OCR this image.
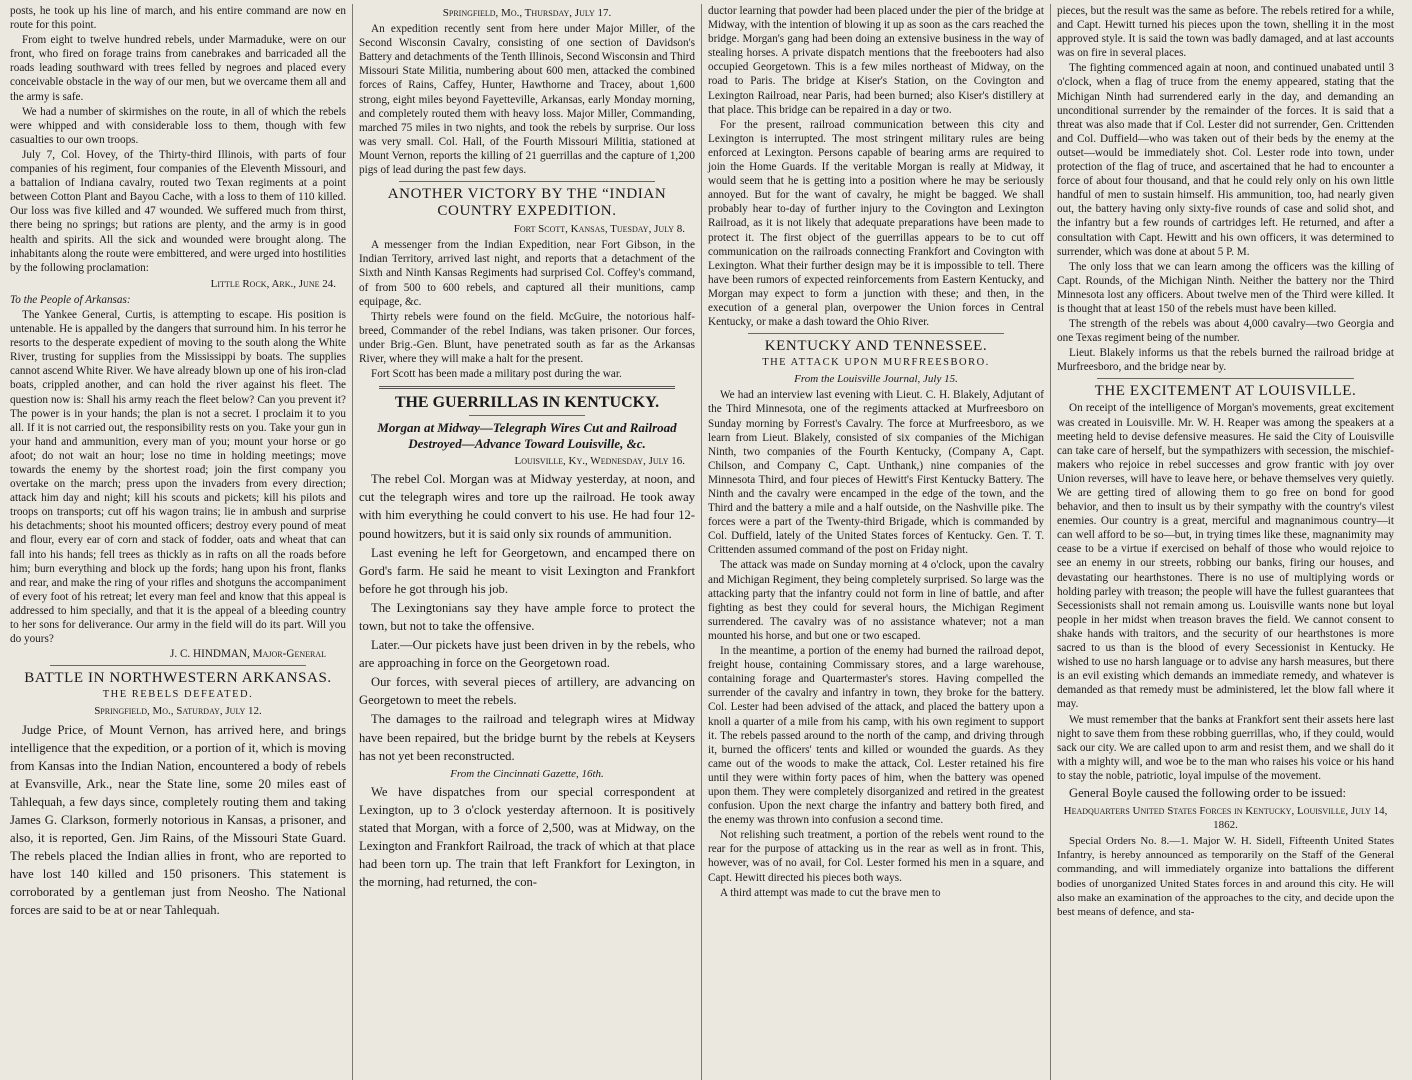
posts, he took up his line of march, and his entire command are now en route for this point.

From eight to twelve hundred rebels, under Marmaduke, were on our front, who fired on forage trains from canebrakes and barricaded all the roads leading southward with trees felled by negroes and placed every conceivable obstacle in the way of our men, but we overcame them all and the army is safe.

We had a number of skirmishes on the route, in all of which the rebels were whipped and with considerable loss to them, though with few casualties to our own troops.

July 7, Col. Hovey, of the Thirty-third Illinois, with parts of four companies of his regiment, four companies of the Eleventh Missouri, and a battalion of Indiana cavalry, routed two Texan regiments at a point between Cotton Plant and Bayou Cache, with a loss to them of 110 killed. Our loss was five killed and 47 wounded. We suffered much from thirst, there being no springs; but rations are plenty, and the army is in good health and spirits. All the sick and wounded were brought along. The inhabitants along the route were embittered, and were urged into hostilities by the following proclamation:

Little Rock, Ark., June 24.

To the People of Arkansas:

The Yankee General, Curtis, is attempting to escape. His position is untenable. He is appalled by the dangers that surround him. In his terror he resorts to the desperate expedient of moving to the south along the White River, trusting for supplies from the Mississippi by boats. The supplies cannot ascend White River. We have already blown up one of his iron-clad boats, crippled another, and can hold the river against his fleet. The question now is: Shall his army reach the fleet below? Can you prevent it? The power is in your hands; the plan is not a secret. I proclaim it to you all. If it is not carried out, the responsibility rests on you. Take your gun in your hand and ammunition, every man of you; mount your horse or go afoot; do not wait an hour; lose no time in holding meetings; move towards the enemy by the shortest road; join the first company you overtake on the march; press upon the invaders from every direction; attack him day and night; kill his scouts and pickets; kill his pilots and troops on transports; cut off his wagon trains; lie in ambush and surprise his detachments; shoot his mounted officers; destroy every pound of meat and flour, every ear of corn and stack of fodder, oats and wheat that can fall into his hands; fell trees as thickly as in rafts on all the roads before him; burn everything and block up the fords; hang upon his front, flanks and rear, and make the ring of your rifles and shotguns the accompaniment of every foot of his retreat; let every man feel and know that this appeal is addressed to him specially, and that it is the appeal of a bleeding country to her sons for deliverance. Our army in the field will do its part. Will you do yours?

J. C. HINDMAN, Major-General

BATTLE IN NORTHWESTERN ARKANSAS.
THE REBELS DEFEATED.
Springfield, Mo., Saturday, July 12.

Judge Price, of Mount Vernon, has arrived here, and brings intelligence that the expedition, or a portion of it, which is moving from Kansas into the Indian Nation, encountered a body of rebels at Evansville, Ark., near the State line, some 20 miles east of Tahlequah, a few days since, completely routing them and taking James G. Clarkson, formerly notorious in Kansas, a prisoner, and also, it is reported, Gen. Jim Rains, of the Missouri State Guard. The rebels placed the Indian allies in front, who are reported to have lost 140 killed and 150 prisoners. This statement is corroborated by a gentleman just from Neosho. The National forces are said to be at or near Tahlequah.

Springfield, Mo., Thursday, July 17.

An expedition recently sent from here under Major Miller, of the Second Wisconsin Cavalry, consisting of one section of Davidson's Battery and detachments of the Tenth Illinois, Second Wisconsin and Third Missouri State Militia, numbering about 600 men, attacked the combined forces of Rains, Caffey, Hunter, Hawthorne and Tracey, about 1,600 strong, eight miles beyond Fayetteville, Arkansas, early Monday morning, and completely routed them with heavy loss. Major Miller, Commanding, marched 75 miles in two nights, and took the rebels by surprise. Our loss was very small. Col. Hall, of the Fourth Missouri Militia, stationed at Mount Vernon, reports the killing of 21 guerrillas and the capture of 1,200 pigs of lead during the past few days.

ANOTHER VICTORY BY THE “INDIAN COUNTRY EXPEDITION.
Fort Scott, Kansas, Tuesday, July 8.

A messenger from the Indian Expedition, near Fort Gibson, in the Indian Territory, arrived last night, and reports that a detachment of the Sixth and Ninth Kansas Regiments had surprised Col. Coffey's command, of from 500 to 600 rebels, and captured all their munitions, camp equipage, &c.

Thirty rebels were found on the field. McGuire, the notorious half-breed, Commander of the rebel Indians, was taken prisoner. Our forces, under Brig.-Gen. Blunt, have penetrated south as far as the Arkansas River, where they will make a halt for the present.

Fort Scott has been made a military post during the war.

THE GUERRILLAS IN KENTUCKY.
Morgan at Midway—Telegraph Wires Cut and Railroad Destroyed—Advance Toward Louisville, &c.
Louisville, Ky., Wednesday, July 16.

The rebel Col. Morgan was at Midway yesterday, at noon, and cut the telegraph wires and tore up the railroad. He took away with him everything he could convert to his use. He had four 12-pound howitzers, but it is said only six rounds of ammunition.

Last evening he left for Georgetown, and encamped there on Gord's farm. He said he meant to visit Lexington and Frankfort before he got through his job.

The Lexingtonians say they have ample force to protect the town, but not to take the offensive.

Later.—Our pickets have just been driven in by the rebels, who are approaching in force on the Georgetown road.

Our forces, with several pieces of artillery, are advancing on Georgetown to meet the rebels.

The damages to the railroad and telegraph wires at Midway have been repaired, but the bridge burnt by the rebels at Keysers has not yet been reconstructed.

From the Cincinnati Gazette, 16th.

We have dispatches from our special correspondent at Lexington, up to 3 o'clock yesterday afternoon. It is positively stated that Morgan, with a force of 2,500, was at Midway, on the Lexington and Frankfort Railroad, the track of which at that place had been torn up. The train that left Frankfort for Lexington, in the morning, had returned, the con-

ductor learning that powder had been placed under the pier of the bridge at Midway, with the intention of blowing it up as soon as the cars reached the bridge. Morgan's gang had been doing an extensive business in the way of stealing horses. A private dispatch mentions that the freebooters had also occupied Georgetown. This is a few miles northeast of Midway, on the road to Paris. The bridge at Kiser's Station, on the Covington and Lexington Railroad, near Paris, had been burned; also Kiser's distillery at that place. This bridge can be repaired in a day or two.

For the present, railroad communication between this city and Lexington is interrupted. The most stringent military rules are being enforced at Lexington. Persons capable of bearing arms are required to join the Home Guards. If the veritable Morgan is really at Midway, it would seem that he is getting into a position where he may be seriously annoyed. But for the want of cavalry, he might be bagged. We shall probably hear to-day of further injury to the Covington and Lexington Railroad, as it is not likely that adequate preparations have been made to protect it. The first object of the guerrillas appears to be to cut off communication on the railroads connecting Frankfort and Covington with Lexington. What their further design may be it is impossible to tell. There have been rumors of expected reinforcements from Eastern Kentucky, and Morgan may expect to form a junction with these; and then, in the execution of a general plan, overpower the Union forces in Central Kentucky, or make a dash toward the Ohio River.

KENTUCKY AND TENNESSEE.
THE ATTACK UPON MURFREESBORO.
From the Louisville Journal, July 15.

We had an interview last evening with Lieut. C. H. Blakely, Adjutant of the Third Minnesota, one of the regiments attacked at Murfreesboro on Sunday morning by Forrest's Cavalry. The force at Murfreesboro, as we learn from Lieut. Blakely, consisted of six companies of the Michigan Ninth, two companies of the Fourth Kentucky, (Company A, Capt. Chilson, and Company C, Capt. Unthank,) nine companies of the Minnesota Third, and four pieces of Hewitt's First Kentucky Battery. The Ninth and the cavalry were encamped in the edge of the town, and the Third and the battery a mile and a half outside, on the Nashville pike. The forces were a part of the Twenty-third Brigade, which is commanded by Col. Duffield, lately of the United States forces of Kentucky. Gen. T. T. Crittenden assumed command of the post on Friday night.

The attack was made on Sunday morning at 4 o'clock, upon the cavalry and Michigan Regiment, they being completely surprised. So large was the attacking party that the infantry could not form in line of battle, and after fighting as best they could for several hours, the Michigan Regiment surrendered. The cavalry was of no assistance whatever; not a man mounted his horse, and but one or two escaped.

In the meantime, a portion of the enemy had burned the railroad depot, freight house, containing Commissary stores, and a large warehouse, containing forage and Quartermaster's stores. Having compelled the surrender of the cavalry and infantry in town, they broke for the battery. Col. Lester had been advised of the attack, and placed the battery upon a knoll a quarter of a mile from his camp, with his own regiment to support it. The rebels passed around to the north of the camp, and driving through it, burned the officers' tents and killed or wounded the guards. As they came out of the woods to make the attack, Col. Lester retained his fire until they were within forty paces of him, when the battery was opened upon them. They were completely disorganized and retired in the greatest confusion. Upon the next charge the infantry and battery both fired, and the enemy was thrown into confusion a second time.

Not relishing such treatment, a portion of the rebels went round to the rear for the purpose of attacking us in the rear as well as in front. This, however, was of no avail, for Col. Lester formed his men in a square, and Capt. Hewitt directed his pieces both ways.

A third attempt was made to cut the brave men to

pieces, but the result was the same as before. The rebels retired for a while, and Capt. Hewitt turned his pieces upon the town, shelling it in the most approved style. It is said the town was badly damaged, and at last accounts was on fire in several places.

The fighting commenced again at noon, and continued unabated until 3 o'clock, when a flag of truce from the enemy appeared, stating that the Michigan Ninth had surrendered early in the day, and demanding an unconditional surrender by the remainder of the forces. It is said that a threat was also made that if Col. Lester did not surrender, Gen. Crittenden and Col. Duffield—who was taken out of their beds by the enemy at the outset—would be immediately shot. Col. Lester rode into town, under protection of the flag of truce, and ascertained that he had to encounter a force of about four thousand, and that he could rely only on his own little handful of men to sustain himself. His ammunition, too, had nearly given out, the battery having only sixty-five rounds of case and solid shot, and the infantry but a few rounds of cartridges left. He returned, and after a consultation with Capt. Hewitt and his own officers, it was determined to surrender, which was done at about 5 P. M.

The only loss that we can learn among the officers was the killing of Capt. Rounds, of the Michigan Ninth. Neither the battery nor the Third Minnesota lost any officers. About twelve men of the Third were killed. It is thought that at least 150 of the rebels must have been killed.

The strength of the rebels was about 4,000 cavalry—two Georgia and one Texas regiment being of the number.

Lieut. Blakely informs us that the rebels burned the railroad bridge at Murfreesboro, and the bridge near by.

THE EXCITEMENT AT LOUISVILLE.

On receipt of the intelligence of Morgan's movements, great excitement was created in Louisville. Mr. W. H. Reaper was among the speakers at a meeting held to devise defensive measures. He said the City of Louisville can take care of herself, but the sympathizers with secession, the mischief-makers who rejoice in rebel successes and grow frantic with joy over Union reverses, will have to leave here, or behave themselves very quietly. We are getting tired of allowing them to go free on bond for good behavior, and then to insult us by their sympathy with the country's vilest enemies. Our country is a great, merciful and magnanimous country—it can well afford to be so—but, in trying times like these, magnanimity may cease to be a virtue if exercised on behalf of those who would rejoice to see an enemy in our streets, robbing our banks, firing our houses, and devastating our hearthstones. There is no use of multiplying words or holding parley with treason; the people will have the fullest guarantees that Secessionists shall not remain among us. Louisville wants none but loyal people in her midst when treason braves the field. We cannot consent to shake hands with traitors, and the security of our hearthstones is more sacred to us than is the blood of every Secessionist in Kentucky. He wished to use no harsh language or to advise any harsh measures, but there is an evil existing which demands an immediate remedy, and whatever is demanded as that remedy must be administered, let the blow fall where it may.

We must remember that the banks at Frankfort sent their assets here last night to save them from these robbing guerrillas, who, if they could, would sack our city. We are called upon to arm and resist them, and we shall do it with a mighty will, and woe be to the man who raises his voice or his hand to stay the noble, patriotic, loyal impulse of the movement.

General Boyle caused the following order to be issued:

Headquarters United States Forces in Kentucky, Louisville, July 14, 1862.

Special Orders No. 8.—1. Major W. H. Sidell, Fifteenth United States Infantry, is hereby announced as temporarily on the Staff of the General commanding, and will immediately organize into battalions the different bodies of unorganized United States forces in and around this city. He will also make an examination of the approaches to the city, and decide upon the best means of defence, and sta-
